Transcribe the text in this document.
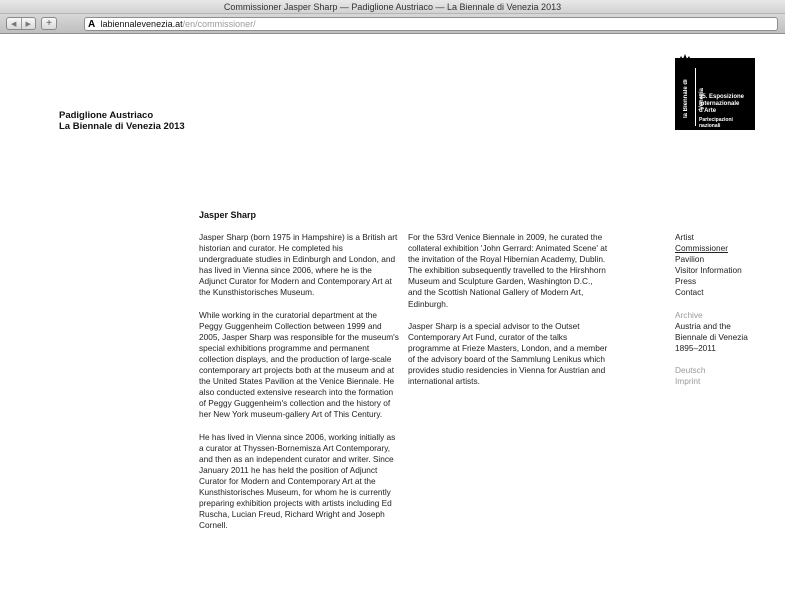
Commissioner Jasper Sharp — Padiglione Austriaco — La Biennale di Venezia 2013
◀	▶	+	A labiennalevenezia.at/en/commissioner/
Padiglione Austriaco
La Biennale di Venezia 2013
la Biennale di Venezia
55. Esposizione
Internazionale
d'Arte
Partecipazioni nazionali
Jasper Sharp

Jasper Sharp (born 1975 in Hampshire) is a British art historian and curator. He completed his undergraduate studies in Edinburgh and London, and has lived in Vienna since 2006, where he is the Adjunct Curator for Modern and Contemporary Art at the Kunsthistorisches Museum.

While working in the curatorial department at the Peggy Guggenheim Collection between 1999 and 2005, Jasper Sharp was responsible for the museum's special exhibitions programme and permanent collection displays, and the production of large-scale contemporary art projects both at the museum and at the United States Pavilion at the Venice Biennale. He also conducted extensive research into the formation of Peggy Guggenheim's collection and the history of her New York museum-gallery Art of This Century.

He has lived in Vienna since 2006, working initially as a curator at Thyssen-Bornemisza Art Contemporary, and then as an independent curator and writer. Since January 2011 he has held the position of Adjunct Curator for Modern and Contemporary Art at the Kunsthistorisches Museum, for whom he is currently preparing exhibition projects with artists including Ed Ruscha, Lucian Freud, Richard Wright and Joseph Cornell.

For the 53rd Venice Biennale in 2009, he curated the collateral exhibition 'John Gerrard: Animated Scene' at the invitation of the Royal Hibernian Academy, Dublin. The exhibition subsequently travelled to the Hirshhorn Museum and Sculpture Garden, Washington D.C., and the Scottish National Gallery of Modern Art, Edinburgh.

Jasper Sharp is a special advisor to the Outset Contemporary Art Fund, curator of the talks programme at Frieze Masters, London, and a member of the advisory board of the Sammlung Lenikus which provides studio residencies in Vienna for Austrian and international artists.

Artist
Commissioner
Pavilion
Visitor Information
Press
Contact
Archive
Austria and the
Biennale di Venezia
1895–2011
Deutsch
Imprint
